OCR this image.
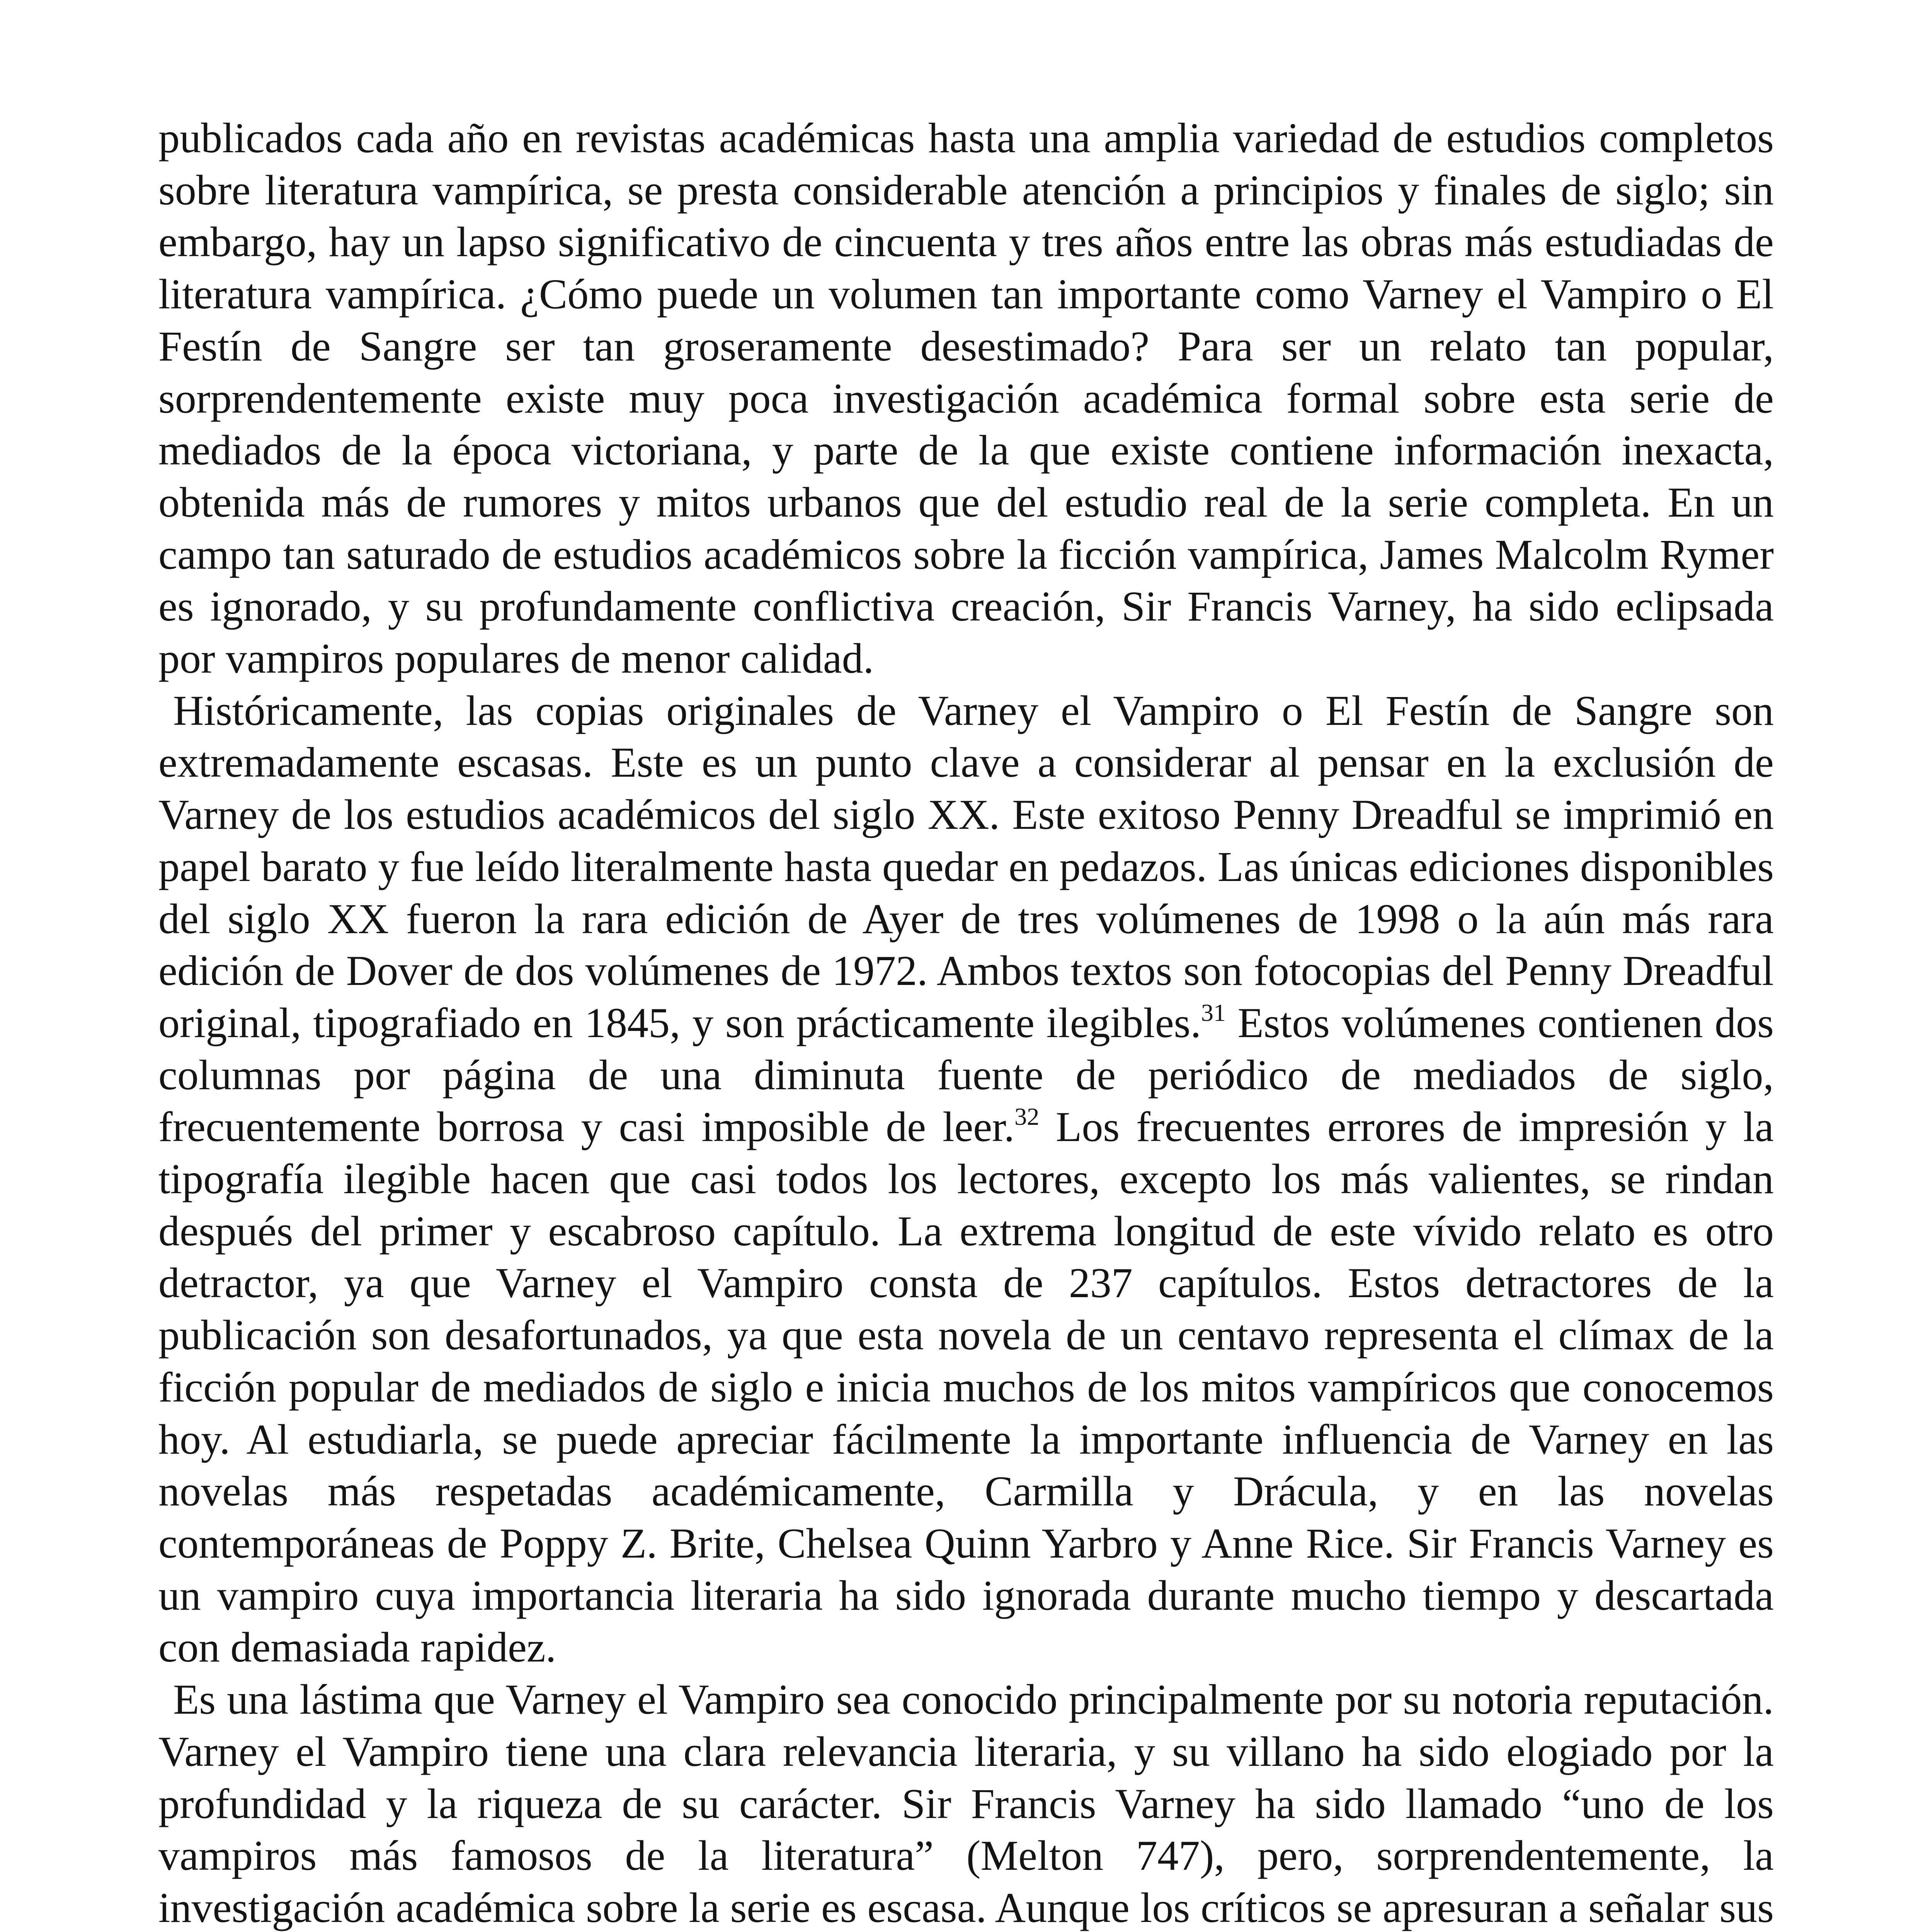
publicados cada año en revistas académicas hasta una amplia variedad de estudios completos sobre literatura vampírica, se presta considerable atención a principios y finales de siglo; sin embargo, hay un lapso significativo de cincuenta y tres años entre las obras más estudiadas de literatura vampírica. ¿Cómo puede un volumen tan importante como Varney el Vampiro o El Festín de Sangre ser tan groseramente desestimado? Para ser un relato tan popular, sorprendentemente existe muy poca investigación académica formal sobre esta serie de mediados de la época victoriana, y parte de la que existe contiene información inexacta, obtenida más de rumores y mitos urbanos que del estudio real de la serie completa. En un campo tan saturado de estudios académicos sobre la ficción vampírica, James Malcolm Rymer es ignorado, y su profundamente conflictiva creación, Sir Francis Varney, ha sido eclipsada por vampiros populares de menor calidad.

Históricamente, las copias originales de Varney el Vampiro o El Festín de Sangre son extremadamente escasas. Este es un punto clave a considerar al pensar en la exclusión de Varney de los estudios académicos del siglo XX. Este exitoso Penny Dreadful se imprimió en papel barato y fue leído literalmente hasta quedar en pedazos. Las únicas ediciones disponibles del siglo XX fueron la rara edición de Ayer de tres volúmenes de 1998 o la aún más rara edición de Dover de dos volúmenes de 1972. Ambos textos son fotocopias del Penny Dreadful original, tipografiado en 1845, y son prácticamente ilegibles.$^{31}$ Estos volúmenes contienen dos columnas por página de una diminuta fuente de periódico de mediados de siglo, frecuentemente borrosa y casi imposible de leer.$^{32}$ Los frecuentes errores de impresión y la tipografía ilegible hacen que casi todos los lectores, excepto los más valientes, se rindan después del primer y escabroso capítulo. La extrema longitud de este vívido relato es otro detractor, ya que Varney el Vampiro consta de 237 capítulos. Estos detractores de la publicación son desafortunados, ya que esta novela de un centavo representa el clímax de la ficción popular de mediados de siglo e inicia muchos de los mitos vampíricos que conocemos hoy. Al estudiarla, se puede apreciar fácilmente la importante influencia de Varney en las novelas más respetadas académicamente, Carmilla y Drácula, y en las novelas contemporáneas de Poppy Z. Brite, Chelsea Quinn Yarbro y Anne Rice. Sir Francis Varney es un vampiro cuya importancia literaria ha sido ignorada durante mucho tiempo y descartada con demasiada rapidez.

Es una lástima que Varney el Vampiro sea conocido principalmente por su notoria reputación. Varney el Vampiro tiene una clara relevancia literaria, y su villano ha sido elogiado por la profundidad y la riqueza de su carácter. Sir Francis Varney ha sido llamado “uno de los vampiros más famosos de la literatura” (Melton 747), pero, sorprendentemente, la investigación académica sobre la serie es escasa. Aunque los críticos se apresuran a señalar sus
